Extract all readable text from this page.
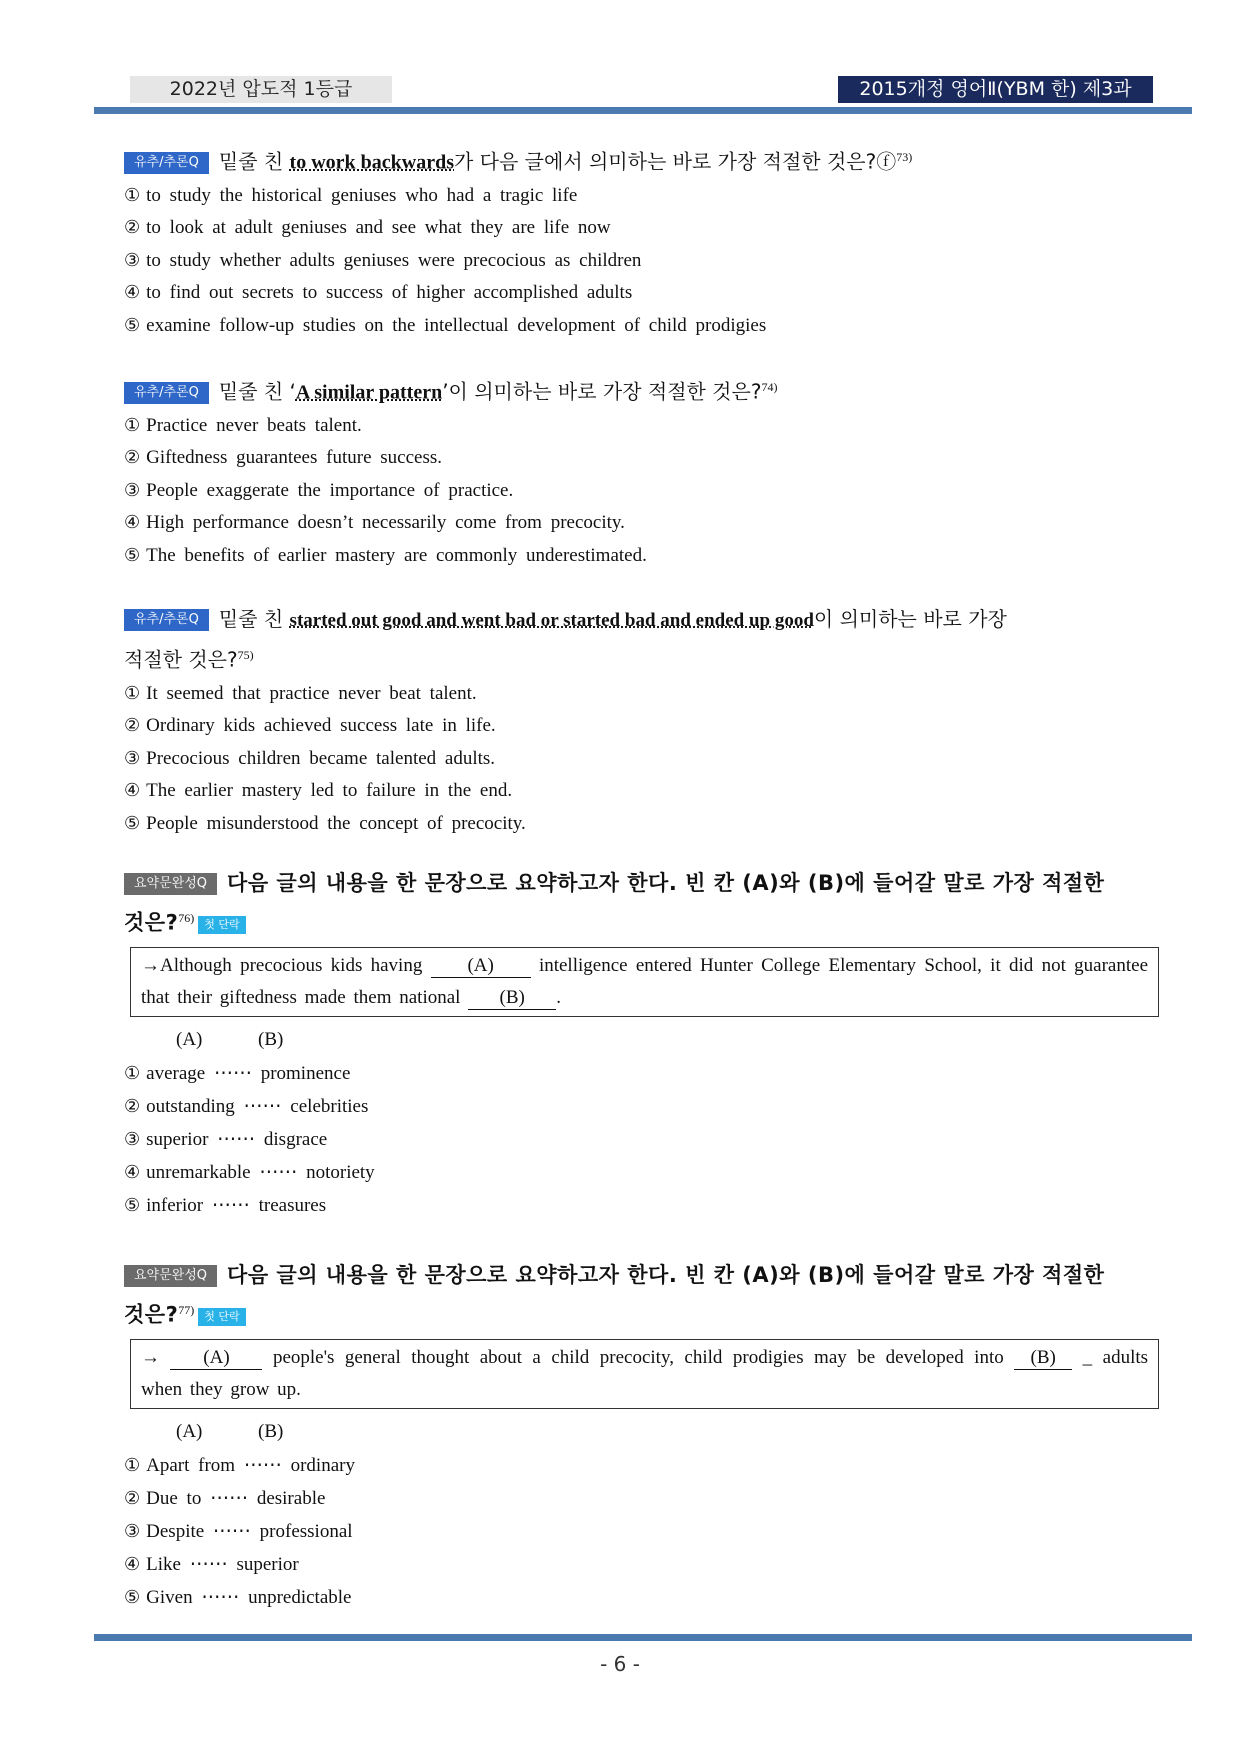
2022년 압도적 1등급	2015개정 영어Ⅱ(YBM 한) 제3과
유추/추론Q 밑줄 친 to work backwards가 다음 글에서 의미하는 바로 가장 적절한 것은?ⓕ$^{73)}$
① to study the historical geniuses who had a tragic life
② to look at adult geniuses and see what they are life now
③ to study whether adults geniuses were precocious as children
④ to find out secrets to success of higher accomplished adults
⑤ examine follow-up studies on the intellectual development of child prodigies
유추/추론Q 밑줄 친 ‘A similar pattern’이 의미하는 바로 가장 적절한 것은?$^{74)}$
① Practice never beats talent.
② Giftedness guarantees future success.
③ People exaggerate the importance of practice.
④ High performance doesn’t necessarily come from precocity.
⑤ The benefits of earlier mastery are commonly underestimated.
유추/추론Q 밑줄 친 started out good and went bad or started bad and ended up good이 의미하는 바로 가장
적절한 것은?$^{75)}$
① It seemed that practice never beat talent.
② Ordinary kids achieved success late in life.
③ Precocious children became talented adults.
④ The earlier mastery led to failure in the end.
⑤ People misunderstood the concept of precocity.
요약문완성Q 다음 글의 내용을 한 문장으로 요약하고자 한다. 빈 칸 (A)와 (B)에 들어갈 말로 가장 적절한
것은?$^{76)}$ 첫 단락
→Although precocious kids having (A) intelligence entered Hunter College Elementary School, it did not guarantee that their giftedness made them national (B) .
(A)	(B)
① average ⋯⋯ prominence
② outstanding ⋯⋯ celebrities
③ superior ⋯⋯ disgrace
④ unremarkable ⋯⋯ notoriety
⑤ inferior ⋯⋯ treasures
요약문완성Q 다음 글의 내용을 한 문장으로 요약하고자 한다. 빈 칸 (A)와 (B)에 들어갈 말로 가장 적절한
것은?$^{77)}$ 첫 단락
→ (A) people's general thought about a child precocity, child prodigies may be developed into (B) _ adults when they grow up.
(A)	(B)
① Apart from ⋯⋯ ordinary
② Due to ⋯⋯ desirable
③ Despite ⋯⋯ professional
④ Like ⋯⋯ superior
⑤ Given ⋯⋯ unpredictable
- 6 -
